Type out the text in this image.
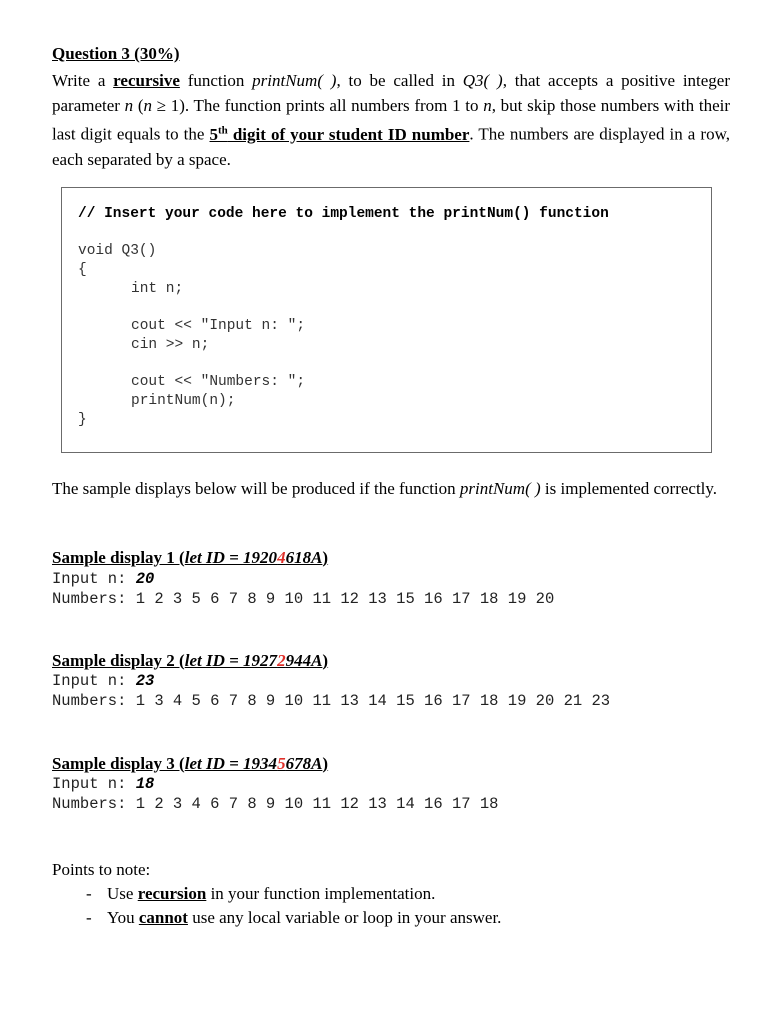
Question 3 (30%)
Write a recursive function printNum( ), to be called in Q3( ), that accepts a positive integer parameter n (n ≥ 1). The function prints all numbers from 1 to n, but skip those numbers with their last digit equals to the 5th digit of your student ID number. The numbers are displayed in a row, each separated by a space.
// Insert your code here to implement the printNum() function
void Q3()
{
int n;
cout << "Input n: ";
cin >> n;
cout << "Numbers: ";
printNum(n);
}
The sample displays below will be produced if the function printNum( ) is implemented correctly.
Sample display 1 (let ID = 19204618A)
Input n: 20
Numbers: 1 2 3 5 6 7 8 9 10 11 12 13 15 16 17 18 19 20
Sample display 2 (let ID = 19272944A)
Input n: 23
Numbers: 1 3 4 5 6 7 8 9 10 11 13 14 15 16 17 18 19 20 21 23
Sample display 3 (let ID = 19345678A)
Input n: 18
Numbers: 1 2 3 4 6 7 8 9 10 11 12 13 14 16 17 18
Points to note:
- Use recursion in your function implementation.
- You cannot use any local variable or loop in your answer.
